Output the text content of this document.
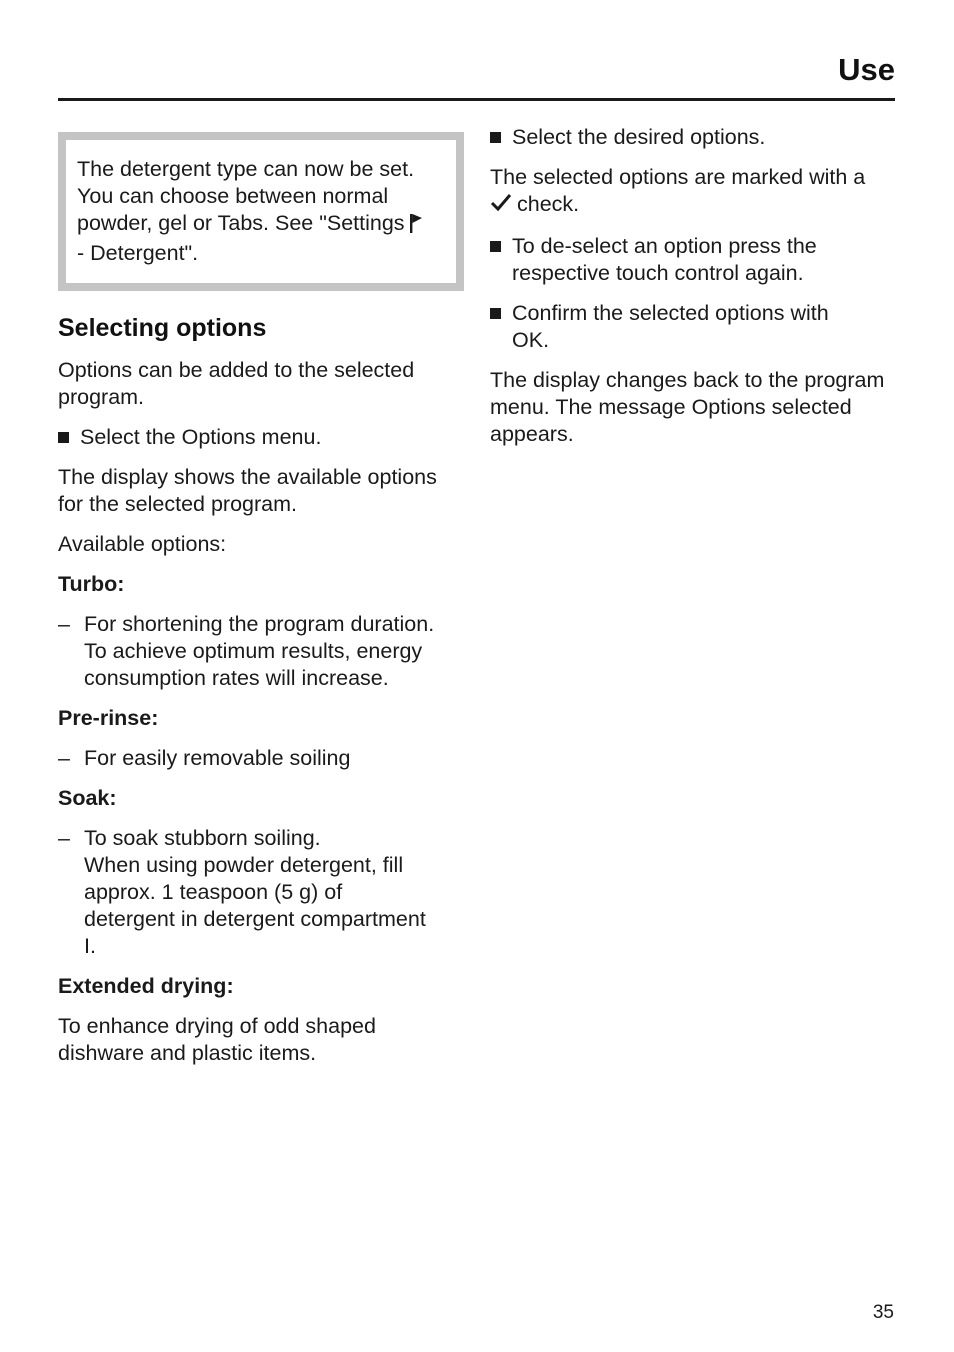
Use

The detergent type can now be set. You can choose between normal powder, gel or Tabs. See "Settings
- Detergent".

Selecting options

Options can be added to the selected program.

Select the Options menu.

The display shows the available options for the selected program.

Available options:

Turbo:
– For shortening the program duration.
To achieve optimum results, energy consumption rates will increase.
Pre-rinse:
– For easily removable soiling
Soak:
– To soak stubborn soiling.
When using powder detergent, fill approx. 1 teaspoon (5 g) of detergent in detergent compartment I.
Extended drying:

To enhance drying of odd shaped dishware and plastic items.

Select the desired options.

The selected options are marked with a
check.

To de-select an option press the respective touch control again.
Confirm the selected options with OK.

The display changes back to the program menu. The message Options selected appears.

35
